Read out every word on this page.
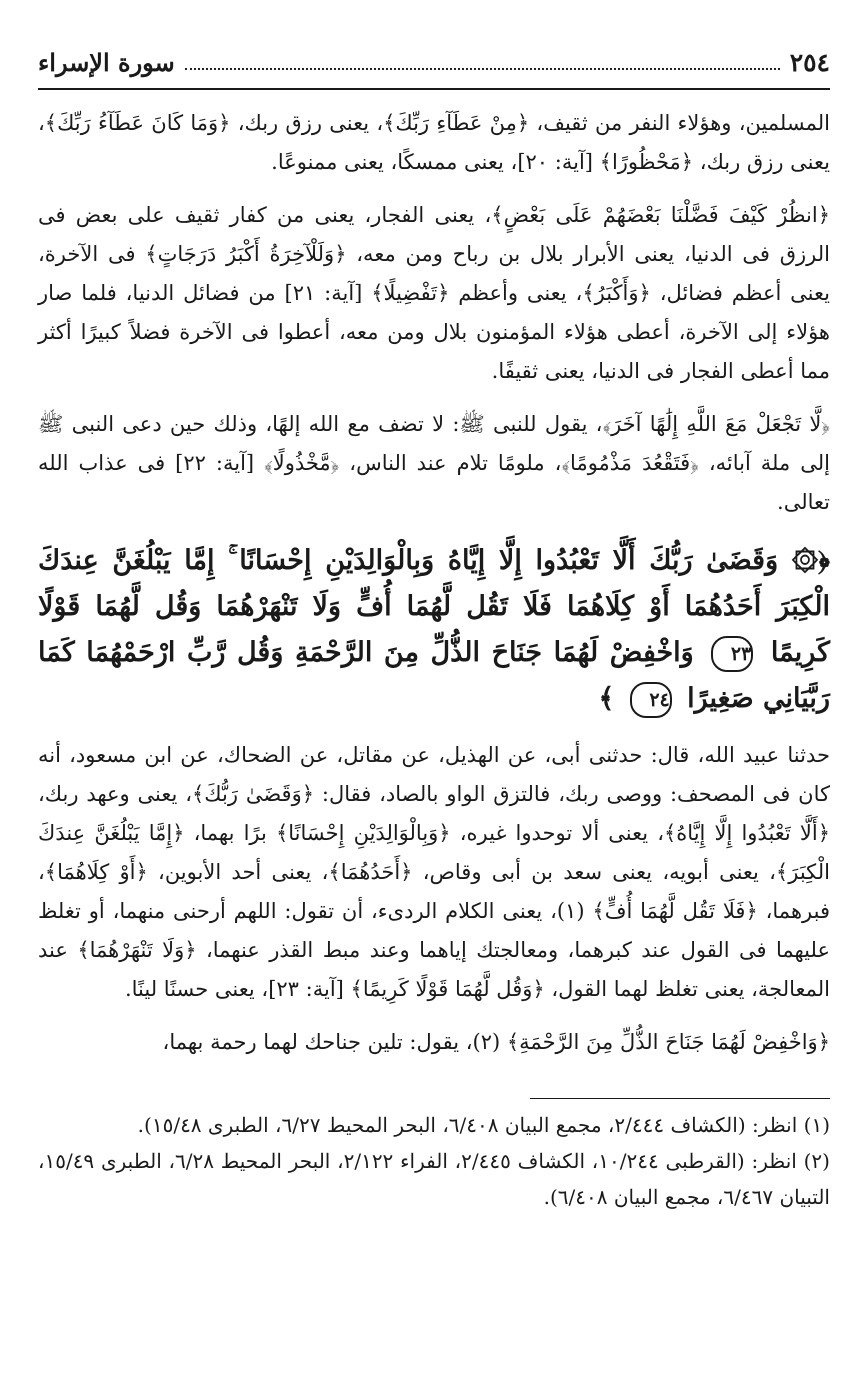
٢٥٤
سورة الإسراء

المسلمين، وهؤلاء النفر من ثقيف، ﴿مِنْ عَطَآءِ رَبِّكَ﴾، يعنى رزق ربك، ﴿وَمَا كَانَ عَطَآءُ رَبِّكَ﴾، يعنى رزق ربك، ﴿مَحْظُورًا﴾ [آية: ٢٠]، يعنى ممسكًا، يعنى ممنوعًا.

﴿انظُرْ كَيْفَ فَضَّلْنَا بَعْضَهُمْ عَلَى بَعْضٍ﴾، يعنى الفجار، يعنى من كفار ثقيف على بعض فى الرزق فى الدنيا، يعنى الأبرار بلال بن رباح ومن معه، ﴿وَلَلْآخِرَةُ أَكْبَرُ دَرَجَاتٍ﴾ فى الآخرة، يعنى أعظم فضائل، ﴿وَأَكْبَرُ﴾، يعنى وأعظم ﴿تَفْضِيلًا﴾ [آية: ٢١] من فضائل الدنيا، فلما صار هؤلاء إلى الآخرة، أعطى هؤلاء المؤمنون بلال ومن معه، أعطوا فى الآخرة فضلاً كبيرًا أكثر مما أعطى الفجار فى الدنيا، يعنى ثقيفًا.

﴿لَّا تَجْعَلْ مَعَ اللَّهِ إِلَٰهًا آخَرَ﴾، يقول للنبى ﷺ: لا تضف مع الله إلهًا، وذلك حين دعى النبى ﷺ إلى ملة آبائه، ﴿فَتَقْعُدَ مَذْمُومًا﴾، ملومًا تلام عند الناس، ﴿مَّخْذُولًا﴾ [آية: ٢٢] فى عذاب الله تعالى.

﴿۞ وَقَضَىٰ رَبُّكَ أَلَّا تَعْبُدُوا إِلَّا إِيَّاهُ وَبِالْوَالِدَيْنِ إِحْسَانًا ۚ إِمَّا يَبْلُغَنَّ عِندَكَ الْكِبَرَ أَحَدُهُمَا أَوْ كِلَاهُمَا فَلَا تَقُل لَّهُمَا أُفٍّ وَلَا تَنْهَرْهُمَا وَقُل لَّهُمَا قَوْلًا كَرِيمًا ٢٣ وَاخْفِضْ لَهُمَا جَنَاحَ الذُّلِّ مِنَ الرَّحْمَةِ وَقُل رَّبِّ ارْحَمْهُمَا كَمَا رَبَّيَانِي صَغِيرًا ٢٤ ﴾

حدثنا عبيد الله، قال: حدثنى أبى، عن الهذيل، عن مقاتل، عن الضحاك، عن ابن مسعود، أنه كان فى المصحف: ووصى ربك، فالتزق الواو بالصاد، فقال: ﴿وَقَضَىٰ رَبُّكَ﴾، يعنى وعهد ربك، ﴿أَلَّا تَعْبُدُوا إِلَّا إِيَّاهُ﴾، يعنى ألا توحدوا غيره، ﴿وَبِالْوَالِدَيْنِ إِحْسَانًا﴾ برًا بهما، ﴿إِمَّا يَبْلُغَنَّ عِندَكَ الْكِبَرَ﴾، يعنى أبويه، يعنى سعد بن أبى وقاص، ﴿أَحَدُهُمَا﴾، يعنى أحد الأبوين، ﴿أَوْ كِلَاهُمَا﴾، فبرهما، ﴿فَلَا تَقُل لَّهُمَا أُفٍّ﴾ (١)، يعنى الكلام الردىء، أن تقول: اللهم أرحنى منهما، أو تغلظ عليهما فى القول عند كبرهما، ومعالجتك إياهما وعند مبط القذر عنهما، ﴿وَلَا تَنْهَرْهُمَا﴾ عند المعالجة، يعنى تغلظ لهما القول، ﴿وَقُل لَّهُمَا قَوْلًا كَرِيمًا﴾ [آية: ٢٣]، يعنى حسنًا لينًا.

﴿وَاخْفِضْ لَهُمَا جَنَاحَ الذُّلِّ مِنَ الرَّحْمَةِ﴾ (٢)، يقول: تلين جناحك لهما رحمة بهما،

(١) انظر: (الكشاف ٢/٤٤٤، مجمع البيان ٦/٤٠٨، البحر المحيط ٦/٢٧، الطبرى ١٥/٤٨).

(٢) انظر: (القرطبى ١٠/٢٤٤، الكشاف ٢/٤٤٥، الفراء ٢/١٢٢، البحر المحيط ٦/٢٨، الطبرى ١٥/٤٩، التبيان ٦/٤٦٧، مجمع البيان ٦/٤٠٨).
